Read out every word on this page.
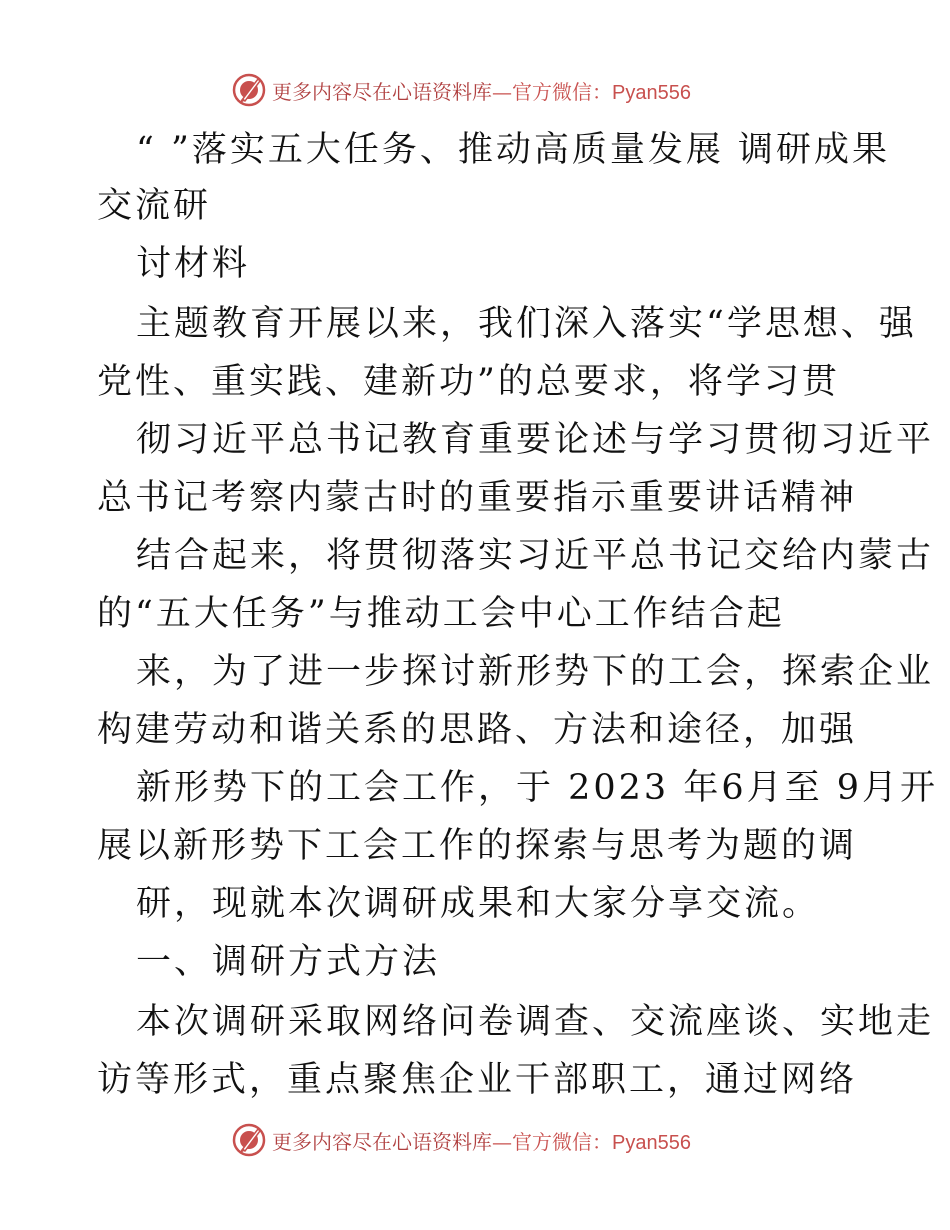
更多内容尽在心语资料库—官方微信：Pyan556
“ ”落实五大任务、推动高质量发展 调研成果
交流研
讨材料
主题教育开展以来，我们深入落实“学思想、强
党性、重实践、建新功”的总要求，将学习贯
彻习近平总书记教育重要论述与学习贯彻习近平
总书记考察内蒙古时的重要指示重要讲话精神
结合起来，将贯彻落实习近平总书记交给内蒙古
的“五大任务”与推动工会中心工作结合起
来，为了进一步探讨新形势下的工会，探索企业
构建劳动和谐关系的思路、方法和途径，加强
新形势下的工会工作，于 2023 年6月至 9月开
展以新形势下工会工作的探索与思考为题的调
研，现就本次调研成果和大家分享交流。
一、调研方式方法
本次调研采取网络问卷调查、交流座谈、实地走
访等形式，重点聚焦企业干部职工，通过网络
更多内容尽在心语资料库—官方微信：Pyan556
